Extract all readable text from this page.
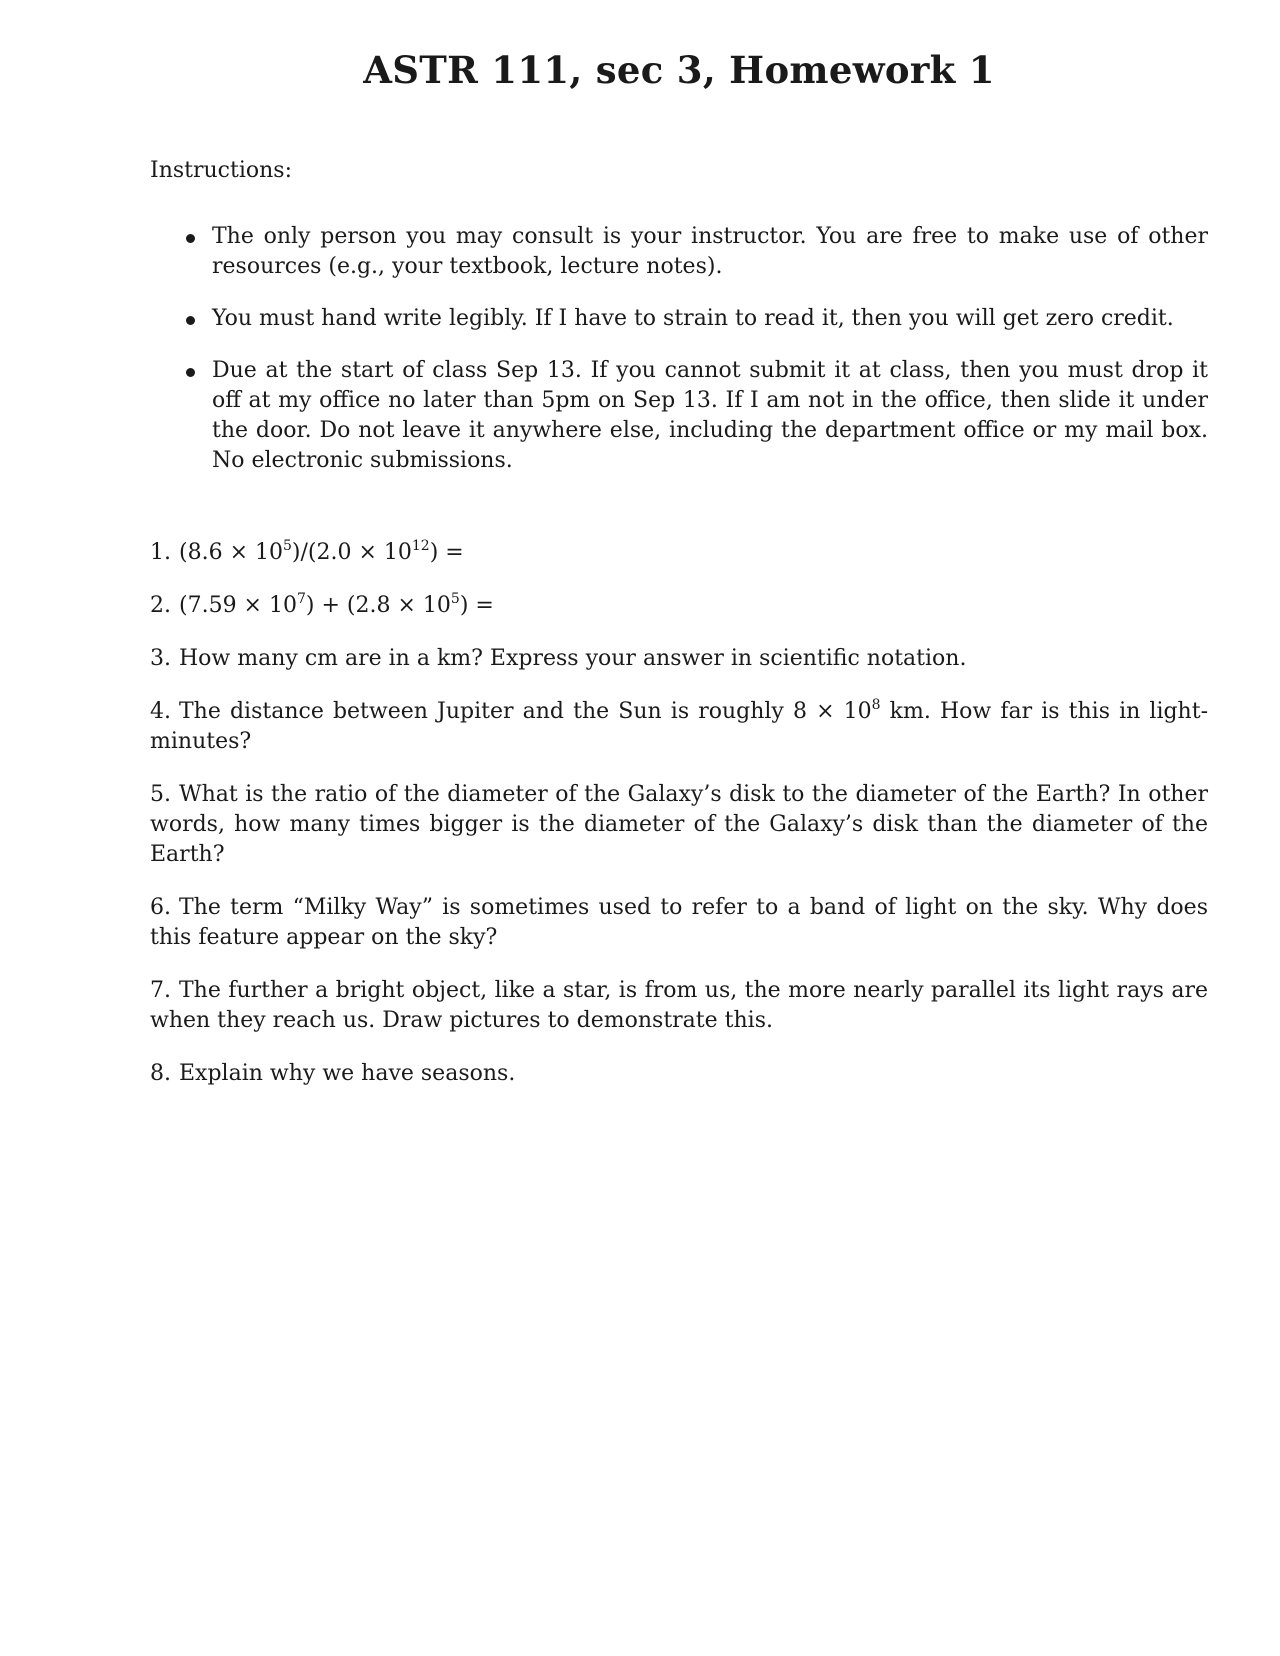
ASTR 111, sec 3, Homework 1

Instructions:

The only person you may consult is your instructor. You are free to make use of other resources (e.g., your textbook, lecture notes).
You must hand write legibly. If I have to strain to read it, then you will get zero credit.
Due at the start of class Sep 13. If you cannot submit it at class, then you must drop it off at my office no later than 5pm on Sep 13. If I am not in the office, then slide it under the door. Do not leave it anywhere else, including the department office or my mail box. No electronic submissions.
1. $(8.6 \times 10^5)/(2.0 \times 10^{12})$ =
2. $(7.59 \times 10^7) + (2.8 \times 10^5)$ =
3. How many cm are in a km? Express your answer in scientific notation.
4. The distance between Jupiter and the Sun is roughly $8 \times 10^8$ km. How far is this in light-minutes?
5. What is the ratio of the diameter of the Galaxy’s disk to the diameter of the Earth? In other words, how many times bigger is the diameter of the Galaxy’s disk than the diameter of the Earth?
6. The term “Milky Way” is sometimes used to refer to a band of light on the sky. Why does this feature appear on the sky?
7. The further a bright object, like a star, is from us, the more nearly parallel its light rays are when they reach us. Draw pictures to demonstrate this.
8. Explain why we have seasons.
